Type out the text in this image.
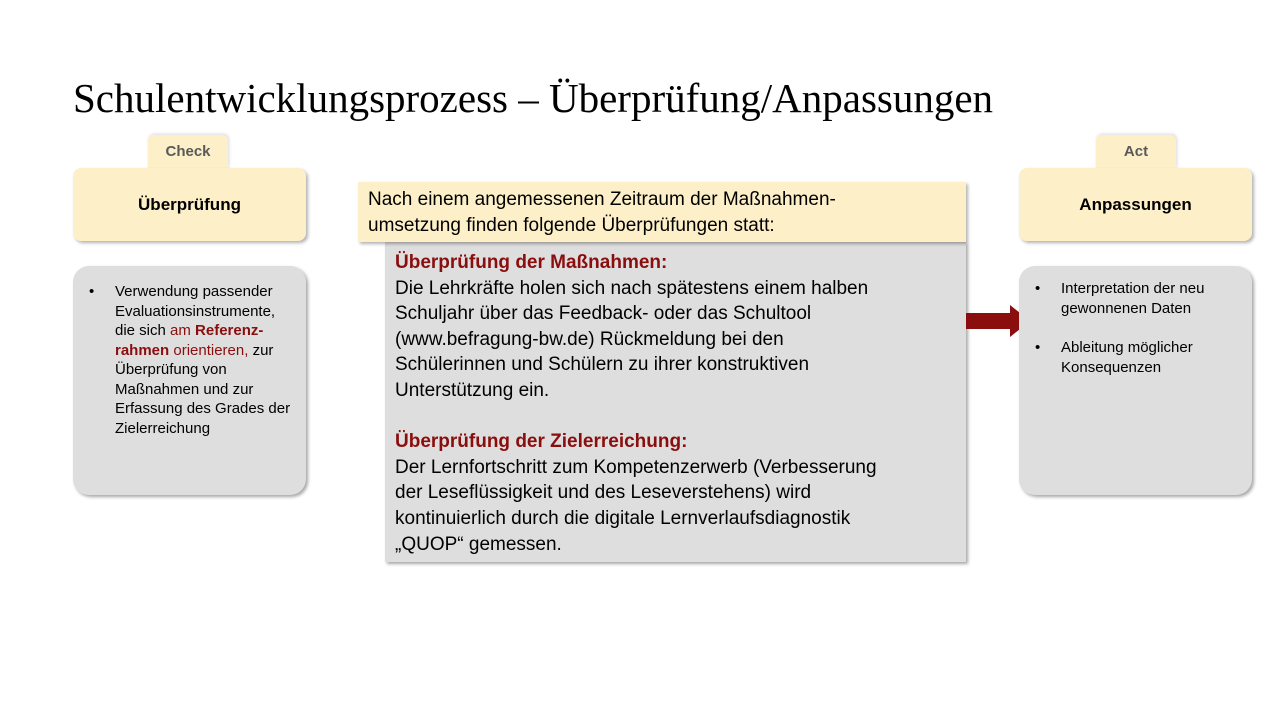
Schulentwicklungsprozess – Überprüfung/Anpassungen
Check
Überprüfung
• Verwendung passender Evaluationsinstrumente, die sich am Referenz-rahmen orientieren, zur Überprüfung von Maßnahmen und zur Erfassung des Grades der Zielerreichung
Nach einem angemessenen Zeitraum der Maßnahmen-
umsetzung finden folgende Überprüfungen statt:
Überprüfung der Maßnahmen:
Die Lehrkräfte holen sich nach spätestens einem halben
Schuljahr über das Feedback- oder das Schultool
(www.befragung-bw.de) Rückmeldung bei den
Schülerinnen und Schülern zu ihrer konstruktiven
Unterstützung ein.
Überprüfung der Zielerreichung:
Der Lernfortschritt zum Kompetenzerwerb (Verbesserung
der Leseflüssigkeit und des Leseverstehens) wird
kontinuierlich durch die digitale Lernverlaufsdiagnostik
„QUOP“ gemessen.
Act
Anpassungen
• Interpretation der neu gewonnenen Daten
• Ableitung möglicher Konsequenzen
